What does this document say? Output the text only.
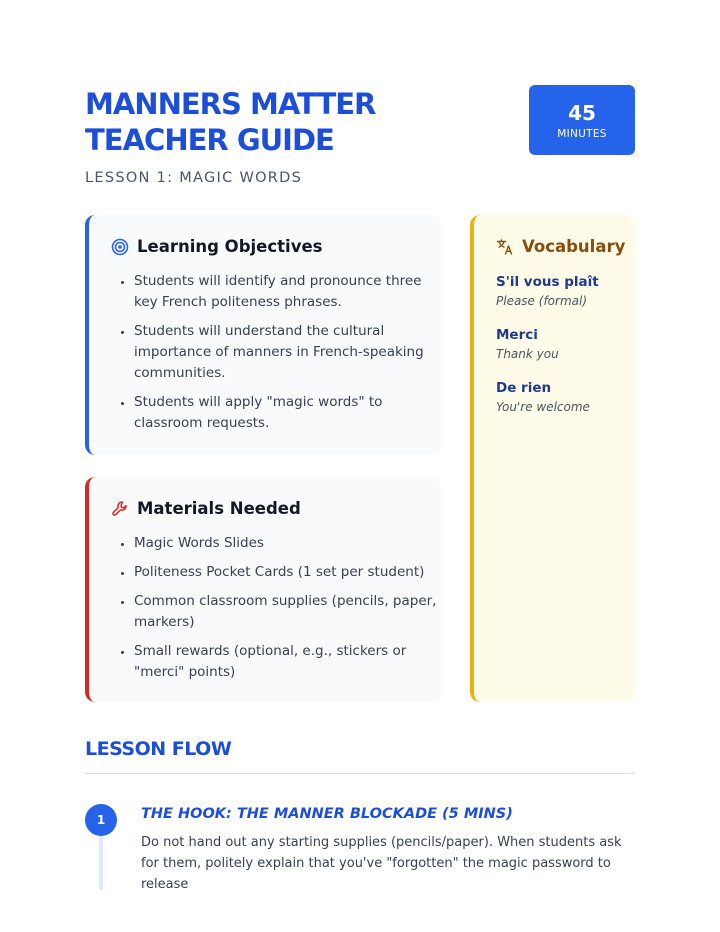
MANNERS MATTER
TEACHER GUIDE
LESSON 1: MAGIC WORDS
45
MINUTES
Learning Objectives
• Students will identify and pronounce three key French politeness phrases.
• Students will understand the cultural importance of manners in French-speaking communities.
• Students will apply "magic words" to classroom requests.
Materials Needed
• Magic Words Slides
• Politeness Pocket Cards (1 set per student)
• Common classroom supplies (pencils, paper, markers)
• Small rewards (optional, e.g., stickers or "merci" points)
Vocabulary
S'il vous plaît
Please (formal)
Merci
Thank you
De rien
You're welcome
LESSON FLOW
1	THE HOOK: THE MANNER BLOCKADE (5 MINS)

Do not hand out any starting supplies (pencils/paper). When students ask for them, politely explain that you've "forgotten" the magic password to release
